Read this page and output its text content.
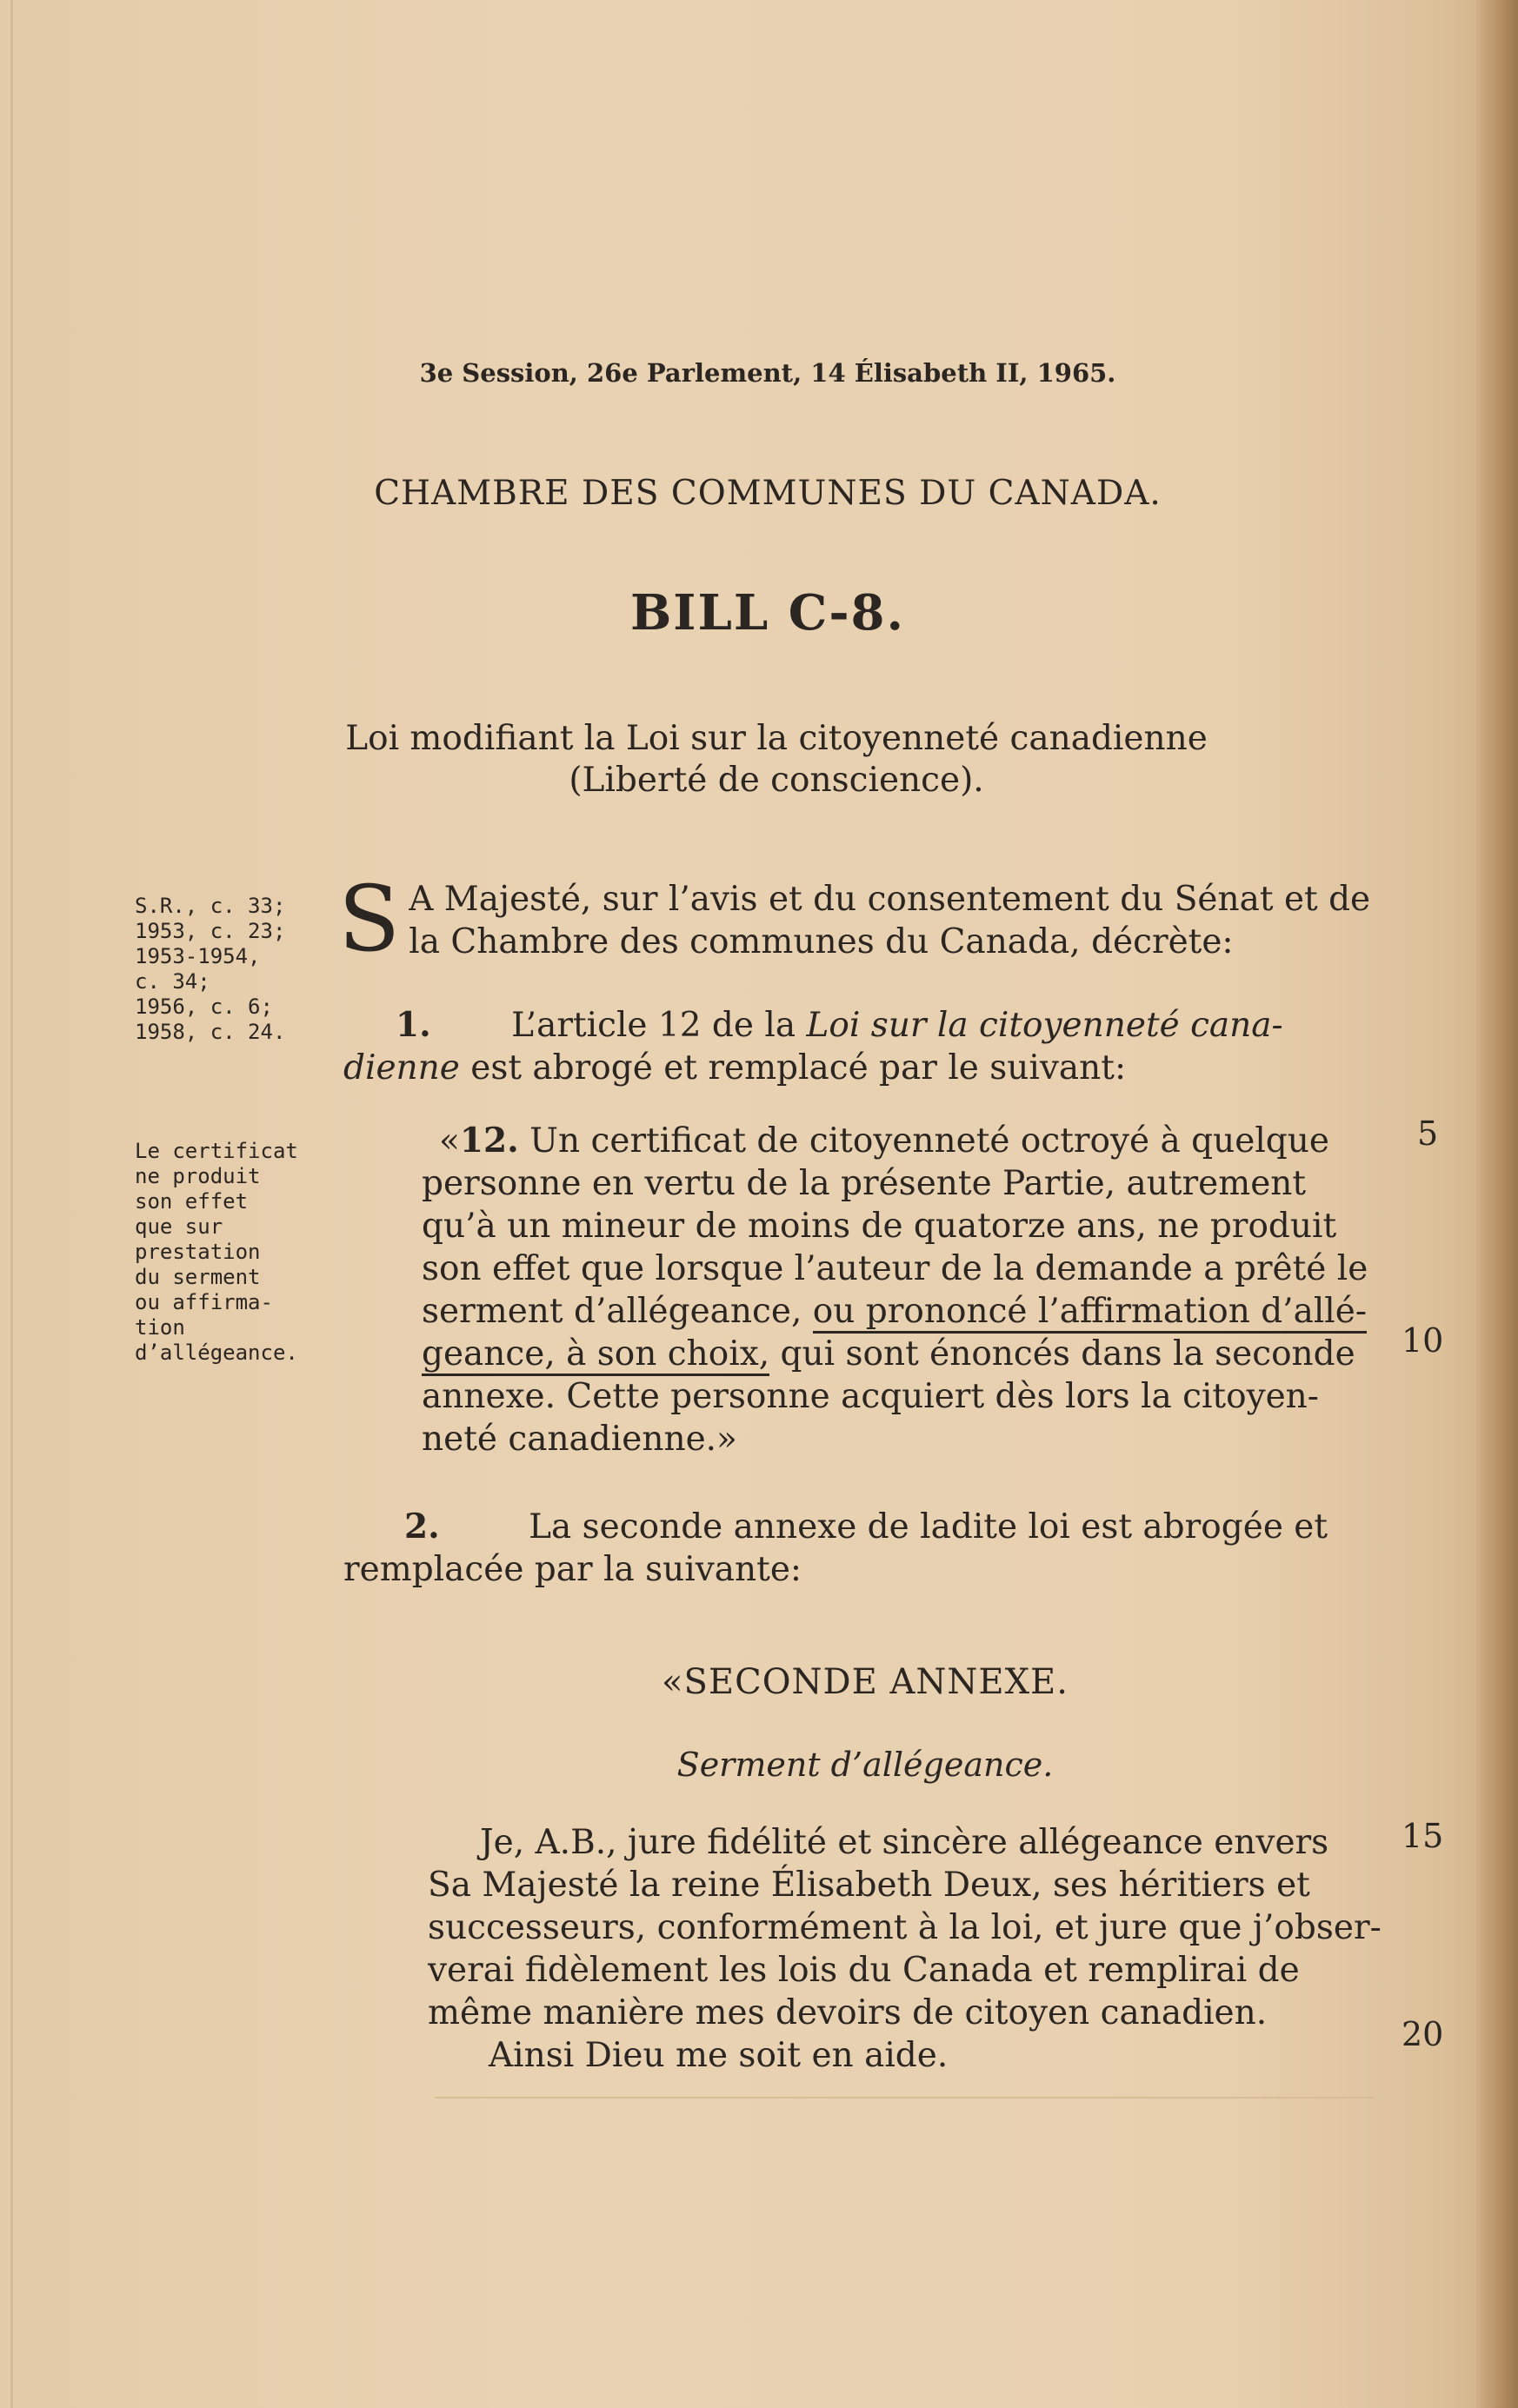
3e Session, 26e Parlement, 14 Élisabeth II, 1965.
CHAMBRE DES COMMUNES DU CANADA.
BILL C-8.
Loi modifiant la Loi sur la citoyenneté canadienne
(Liberté de conscience).
S.R., c. 33;
1953, c. 23;
1953-1954,
c. 34;
1956, c. 6;
1958, c. 24.
Le certificat
ne produit
son effet
que sur
prestation
du serment
ou affirma-
tion
d’allégeance.
S A Majesté, sur l’avis et du consentement du Sénat et de
la Chambre des communes du Canada, décrète:
1. L’article 12 de la Loi sur la citoyenneté cana-
dienne est abrogé et remplacé par le suivant:
«12. Un certificat de citoyenneté octroyé à quelque
personne en vertu de la présente Partie, autrement
qu’à un mineur de moins de quatorze ans, ne produit
son effet que lorsque l’auteur de la demande a prêté le
serment d’allégeance, ou prononcé l’affirmation d’allé-
geance, à son choix, qui sont énoncés dans la seconde
annexe. Cette personne acquiert dès lors la citoyen-
neté canadienne.»
2.	La seconde annexe de ladite loi est abrogée et
remplacée par la suivante:
«SECONDE ANNEXE.
Serment d’allégeance.
Je, A.B., jure fidélité et sincère allégeance envers
Sa Majesté la reine Élisabeth Deux, ses héritiers et
successeurs, conformément à la loi, et jure que j’obser-
verai fidèlement les lois du Canada et remplirai de
même manière mes devoirs de citoyen canadien.
Ainsi Dieu me soit en aide.
5
10
15
20
